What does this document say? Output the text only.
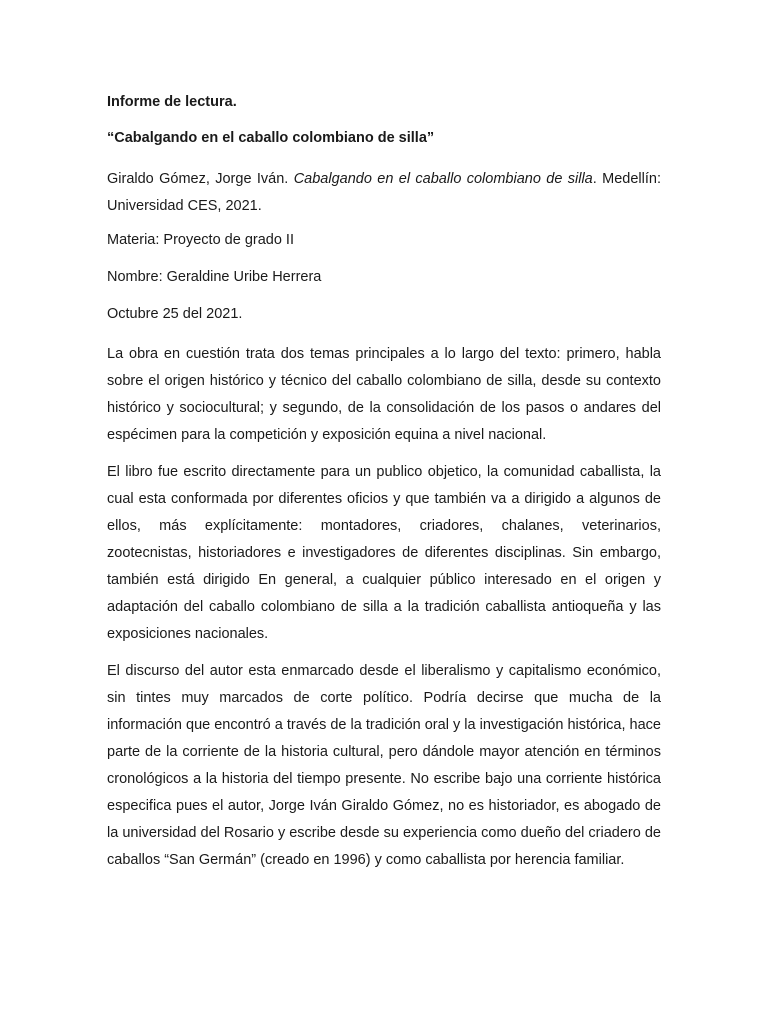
Informe de lectura.
“Cabalgando en el caballo colombiano de silla”
Giraldo Gómez, Jorge Iván. Cabalgando en el caballo colombiano de silla. Medellín: Universidad CES, 2021.
Materia: Proyecto de grado II
Nombre: Geraldine Uribe Herrera
Octubre 25 del 2021.

La obra en cuestión trata dos temas principales a lo largo del texto: primero, habla sobre el origen histórico y técnico del caballo colombiano de silla, desde su contexto histórico y sociocultural; y segundo, de la consolidación de los pasos o andares del espécimen para la competición y exposición equina a nivel nacional.

El libro fue escrito directamente para un publico objetico, la comunidad caballista, la cual esta conformada por diferentes oficios y que también va a dirigido a algunos de ellos, más explícitamente: montadores, criadores, chalanes, veterinarios, zootecnistas, historiadores e investigadores de diferentes disciplinas. Sin embargo, también está dirigido En general, a cualquier público interesado en el origen y adaptación del caballo colombiano de silla a la tradición caballista antioqueña y las exposiciones nacionales.

El discurso del autor esta enmarcado desde el liberalismo y capitalismo económico, sin tintes muy marcados de corte político. Podría decirse que mucha de la información que encontró a través de la tradición oral y la investigación histórica, hace parte de la corriente de la historia cultural, pero dándole mayor atención en términos cronológicos a la historia del tiempo presente. No escribe bajo una corriente histórica especifica pues el autor, Jorge Iván Giraldo Gómez, no es historiador, es abogado de la universidad del Rosario y escribe desde su experiencia como dueño del criadero de caballos “San Germán” (creado en 1996) y como caballista por herencia familiar.
